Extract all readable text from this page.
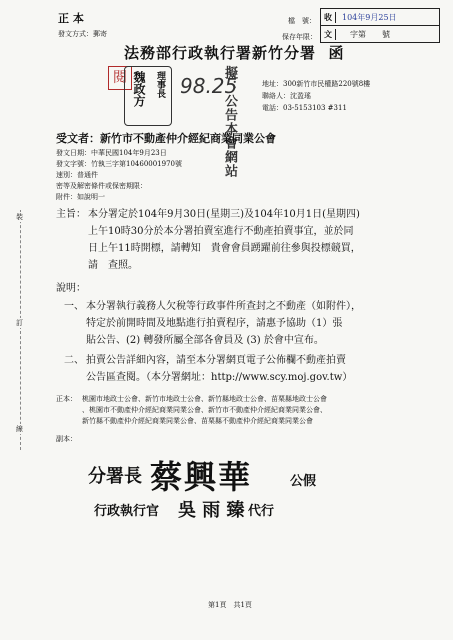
正 本
發文方式：郵寄
檔　號：
保存年限：
收	104年9月25日
文	字第　　號
法務部行政執行署新竹分署 函
地址：300新竹市民權路220號8樓
聯絡人：沈盈瑤
電話：03-5153103 #311
閱	理事長
魏政方 98.25
擬：公告本會網站
受文者：新竹市不動產仲介經紀商業同業公會
發文日期：中華民國104年9月23日
發文字號：竹執三字第10460001970號
速別：普通件
密等及解密條件或保密期限：
附件：如說明一
主旨： 本分署定於104年9月30日(星期三)及104年10月1日(星期四)
上午10時30分於本分署拍賣室進行不動產拍賣事宜，並於同
日上午11時開標，請轉知　貴會會員踴躍前往參與投標競買，
請　查照。
說明：
一、 本分署執行義務人欠稅等行政事件所查封之不動產（如附件），
特定於前開時間及地點進行拍賣程序，請惠予協助（1）張
貼公告、(2) 轉發所屬全部各會員及 (3) 於會中宣布。
二、 拍賣公告詳細內容，請至本分署網頁電子公佈欄不動產拍賣
公告區查閱。（本分署網址：http://www.scy.moj.gov.tw）
正本： 桃園市地政士公會、新竹市地政士公會、新竹縣地政士公會、苗栗縣地政士公會
、桃園市不動產仲介經紀商業同業公會、新竹市不動產仲介經紀商業同業公會、
新竹縣不動產仲介經紀商業同業公會、苗栗縣不動產仲介經紀商業同業公會
副本：
分署長 蔡興華	公假
行政執行官 吳 雨 臻 代行
裝
訂
線
第1頁　共1頁
